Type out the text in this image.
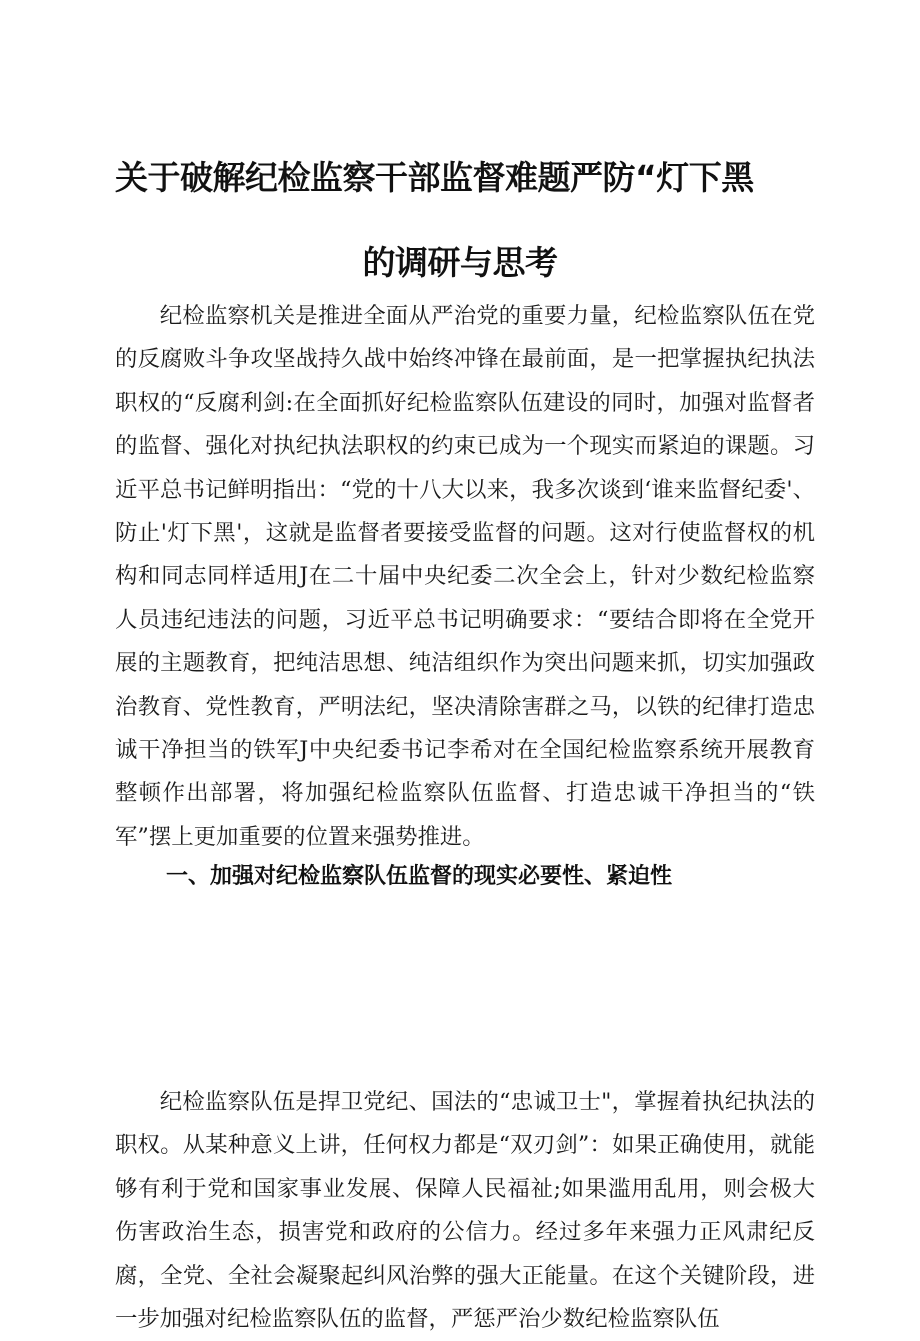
关于破解纪检监察干部监督难题严防“灯下黑
的调研与思考

纪检监察机关是推进全面从严治党的重要力量，纪检监察队伍在党的反腐败斗争攻坚战持久战中始终冲锋在最前面，是一把掌握执纪执法职权的“反腐利剑:在全面抓好纪检监察队伍建设的同时，加强对监督者的监督、强化对执纪执法职权的约束已成为一个现实而紧迫的课题。习近平总书记鲜明指出：“党的十八大以来，我多次谈到‘谁来监督纪委'、防止'灯下黑'，这就是监督者要接受监督的问题。这对行使监督权的机构和同志同样适用J在二十届中央纪委二次全会上，针对少数纪检监察人员违纪违法的问题，习近平总书记明确要求：“要结合即将在全党开展的主题教育，把纯洁思想、纯洁组织作为突出问题来抓，切实加强政治教育、党性教育，严明法纪，坚决清除害群之马，以铁的纪律打造忠诚干净担当的铁军J中央纪委书记李希对在全国纪检监察系统开展教育整顿作出部署，将加强纪检监察队伍监督、打造忠诚干净担当的“铁军”摆上更加重要的位置来强势推进。

一、加强对纪检监察队伍监督的现实必要性、紧迫性

纪检监察队伍是捍卫党纪、国法的“忠诚卫士"，掌握着执纪执法的职权。从某种意义上讲，任何权力都是“双刃剑”：如果正确使用，就能够有利于党和国家事业发展、保障人民福祉;如果滥用乱用，则会极大伤害政治生态，损害党和政府的公信力。经过多年来强力正风肃纪反腐，全党、全社会凝聚起纠风治弊的强大正能量。在这个关键阶段，进一步加强对纪检监察队伍的监督，严惩严治少数纪检监察队伍
